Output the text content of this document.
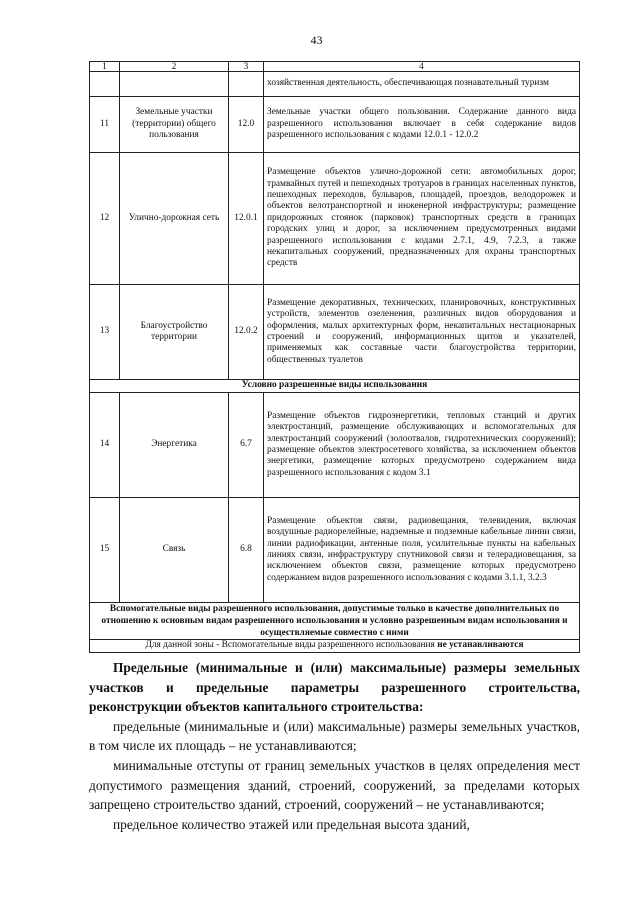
43
1	2	3	4
			хозяйственная деятельность, обеспечивающая познавательный туризм
11	Земельные участки (территории) общего пользования	12.0	Земельные участки общего пользования. Содержание данного вида разрешенного использования включает в себя содержание видов разрешенного использования с кодами 12.0.1 - 12.0.2
12	Улично-дорожная сеть	12.0.1	Размещение объектов улично-дорожной сети: автомобильных дорог, трамвайных путей и пешеходных тротуаров в границах населенных пунктов, пешеходных переходов, бульваров, площадей, проездов, велодорожек и объектов велотранспортной и инженерной инфраструктуры; размещение придорожных стоянок (парковок) транспортных средств в границах городских улиц и дорог, за исключением предусмотренных видами разрешенного использования с кодами 2.7.1, 4.9, 7.2.3, а также некапитальных сооружений, предназначенных для охраны транспортных средств
13	Благоустройство территории	12.0.2	Размещение декоративных, технических, планировочных, конструктивных устройств, элементов озеленения, различных видов оборудования и оформления, малых архитектурных форм, некапитальных нестационарных строений и сооружений, информационных щитов и указателей, применяемых как составные части благоустройства территории, общественных туалетов
Условно разрешенные виды использования			
14	Энергетика	6.7	Размещение объектов гидроэнергетики, тепловых станций и других электростанций, размещение обслуживающих и вспомогательных для электростанций сооружений (золоотвалов, гидротехнических сооружений); размещение объектов электросетевого хозяйства, за исключением объектов энергетики, размещение которых предусмотрено содержанием вида разрешенного использования с кодом 3.1
15	Связь	6.8	Размещение объектов связи, радиовещания, телевидения, включая воздушные радиорелейные, надземные и подземные кабельные линии связи, линии радиофикации, антенные поля, усилительные пункты на кабельных линиях связи, инфраструктуру спутниковой связи и телерадиовещания, за исключением объектов связи, размещение которых предусмотрено содержанием видов разрешенного использования с кодами 3.1.1, 3.2.3
Вспомогательные виды разрешенного использования, допустимые только в качестве дополнительных по отношению к основным видам разрешенного использования и условно разрешенным видам использования и осуществляемые совместно с ними			
Для данной зоны - Вспомогательные виды разрешенного использования не устанавливаются			

Предельные (минимальные и (или) максимальные) размеры земельных участков и предельные параметры разрешенного строительства, реконструкции объектов капитального строительства:

предельные (минимальные и (или) максимальные) размеры земельных участков, в том числе их площадь – не устанавливаются;

минимальные отступы от границ земельных участков в целях определения мест допустимого размещения зданий, строений, сооружений, за пределами которых запрещено строительство зданий, строений, сооружений – не устанавливаются;

предельное количество этажей или предельная высота зданий,
